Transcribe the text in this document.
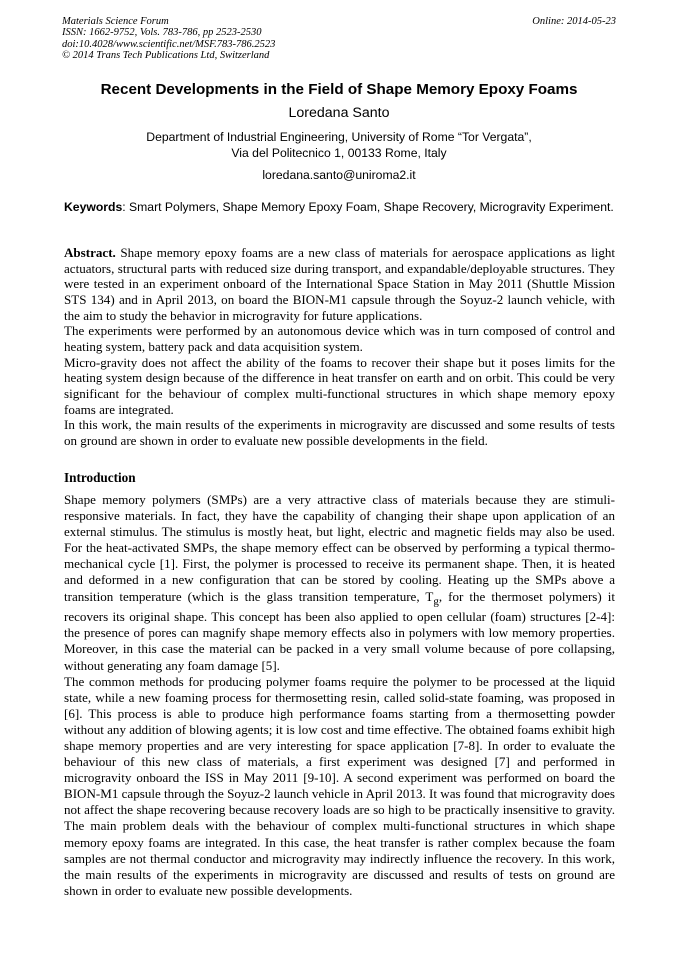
Materials Science Forum
ISSN: 1662-9752, Vols. 783-786, pp 2523-2530
doi:10.4028/www.scientific.net/MSF.783-786.2523
© 2014 Trans Tech Publications Ltd, Switzerland
Online: 2014-05-23
Recent Developments in the Field of Shape Memory Epoxy Foams
Loredana Santo
Department of Industrial Engineering, University of Rome “Tor Vergata”,
Via del Politecnico 1, 00133 Rome, Italy
loredana.santo@uniroma2.it
Keywords: Smart Polymers, Shape Memory Epoxy Foam, Shape Recovery, Microgravity Experiment.

Abstract. Shape memory epoxy foams are a new class of materials for aerospace applications as light actuators, structural parts with reduced size during transport, and expandable/deployable structures. They were tested in an experiment onboard of the International Space Station in May 2011 (Shuttle Mission STS 134) and in April 2013, on board the BION-M1 capsule through the Soyuz-2 launch vehicle, with the aim to study the behavior in microgravity for future applications.

The experiments were performed by an autonomous device which was in turn composed of control and heating system, battery pack and data acquisition system.

Micro-gravity does not affect the ability of the foams to recover their shape but it poses limits for the heating system design because of the difference in heat transfer on earth and on orbit. This could be very significant for the behaviour of complex multi-functional structures in which shape memory epoxy foams are integrated.

In this work, the main results of the experiments in microgravity are discussed and some results of tests on ground are shown in order to evaluate new possible developments in the field.

Introduction

Shape memory polymers (SMPs) are a very attractive class of materials because they are stimuli-responsive materials. In fact, they have the capability of changing their shape upon application of an external stimulus. The stimulus is mostly heat, but light, electric and magnetic fields may also be used. For the heat-activated SMPs, the shape memory effect can be observed by performing a typical thermo-mechanical cycle [1]. First, the polymer is processed to receive its permanent shape. Then, it is heated and deformed in a new configuration that can be stored by cooling. Heating up the SMPs above a transition temperature (which is the glass transition temperature, $T_g$, for the thermoset polymers) it recovers its original shape. This concept has been also applied to open cellular (foam) structures [2-4]: the presence of pores can magnify shape memory effects also in polymers with low memory properties. Moreover, in this case the material can be packed in a very small volume because of pore collapsing, without generating any foam damage [5].

The common methods for producing polymer foams require the polymer to be processed at the liquid state, while a new foaming process for thermosetting resin, called solid-state foaming, was proposed in [6]. This process is able to produce high performance foams starting from a thermosetting powder without any addition of blowing agents; it is low cost and time effective. The obtained foams exhibit high shape memory properties and are very interesting for space application [7-8]. In order to evaluate the behaviour of this new class of materials, a first experiment was designed [7] and performed in microgravity onboard the ISS in May 2011 [9-10]. A second experiment was performed on board the BION-M1 capsule through the Soyuz-2 launch vehicle in April 2013. It was found that microgravity does not affect the shape recovering because recovery loads are so high to be practically insensitive to gravity. The main problem deals with the behaviour of complex multi-functional structures in which shape memory epoxy foams are integrated. In this case, the heat transfer is rather complex because the foam samples are not thermal conductor and microgravity may indirectly influence the recovery. In this work, the main results of the experiments in microgravity are discussed and results of tests on ground are shown in order to evaluate new possible developments.
